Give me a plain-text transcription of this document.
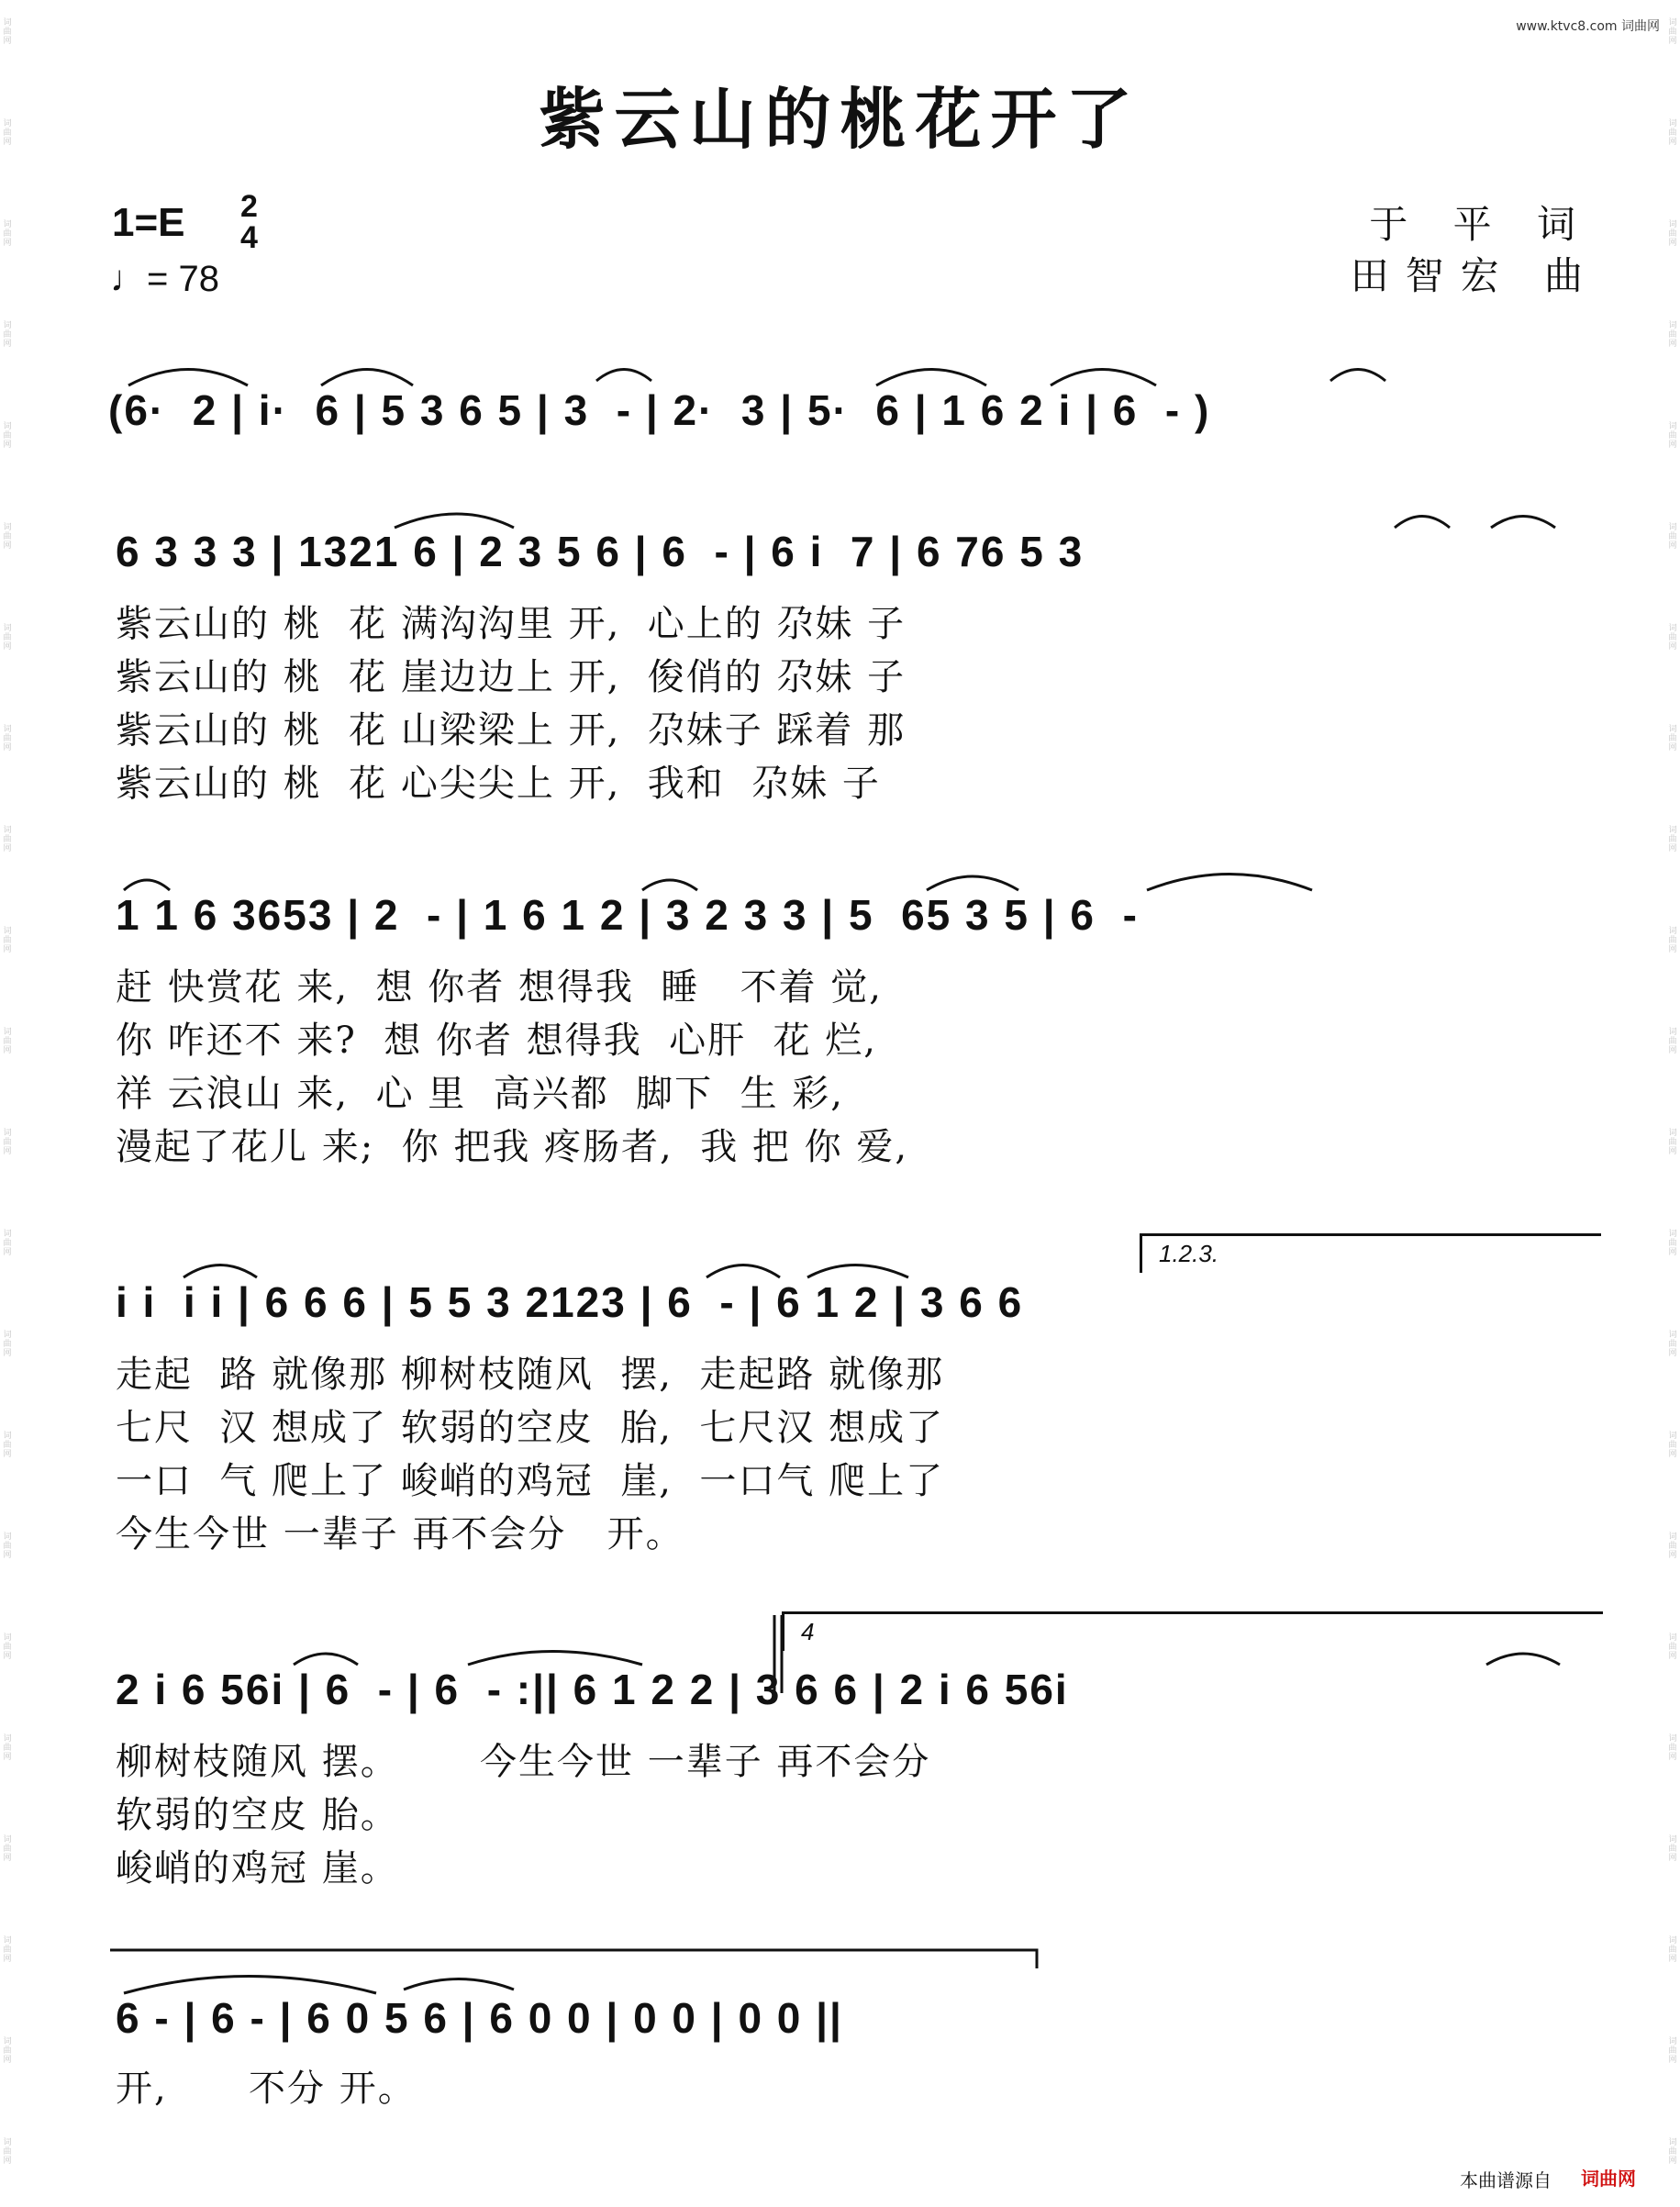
词
曲
网
词
曲
网
词
曲
网
词
曲
网
词
曲
网
词
曲
网
词
曲
网
词
曲
网
词
曲
网
词
曲
网
词
曲
网
词
曲
网
词
曲
网
词
曲
网
词
曲
网
词
曲
网
词
曲
网
词
曲
网
词
曲
网
词
曲
网
词
曲
网
词
曲
网
词
曲
网
词
曲
网
词
曲
网
词
曲
网
词
曲
网
词
曲
网
词
曲
网
词
曲
网
词
曲
网
词
曲
网
词
曲
网
词
曲
网
词
曲
网
词
曲
网
词
曲
网
词
曲
网
词
曲
网
词
曲
网
词
曲
网
词
曲
网
词
曲
网
词
曲
网
www.ktvc8.com 词曲网
紫云山的桃花开了
1=E 2
4
♩= 78
于 平 词
田智宏 曲
(6·  2 | i·  6 | 5 3 6 5 | 3  - | 2·  3 | 5·  6 | 1 6 2 i | 6  - )
6 3 3 3 | 1321 6 | 2 3 5 6 | 6  - | 6 i  7 | 6 76 5 3
紫云山的 桃  花 满沟沟里 开,  心上的 尕妹 子
紫云山的 桃  花 崖边边上 开,  俊俏的 尕妹 子
紫云山的 桃  花 山梁梁上 开,  尕妹子 踩着 那
紫云山的 桃  花 心尖尖上 开,  我和  尕妹 子
1 1 6 3653 | 2  - | 1 6 1 2 | 3 2 3 3 | 5  65 3 5 | 6  -
赶 快赏花 来,  想 你者 想得我  睡   不着 觉,
你 咋还不 来?  想 你者 想得我  心肝  花 烂,
祥 云浪山 来,  心 里  高兴都  脚下  生 彩,
漫起了花儿 来;  你 把我 疼肠者,  我 把 你 爱,
1.2.3.
i i  i i | 6 6 6 | 5 5 3 2123 | 6  - | 6 1 2 | 3 6 6
走起  路 就像那 柳树枝随风  摆,  走起路 就像那
七尺  汉 想成了 软弱的空皮  胎,  七尺汉 想成了
一口  气 爬上了 峻峭的鸡冠  崖,  一口气 爬上了
今生今世 一辈子 再不会分   开。
4
2 i 6 56i | 6  - | 6  - :|| 6 1 2 2 | 3 6 6 | 2 i 6 56i
柳树枝随风 摆。      今生今世 一辈子 再不会分
软弱的空皮 胎。
峻峭的鸡冠 崖。
6 - | 6 - | 6 0 5 6 | 6 0 0 | 0 0 | 0 0 ||
开,      不分 开。
本曲谱源自 词曲网
